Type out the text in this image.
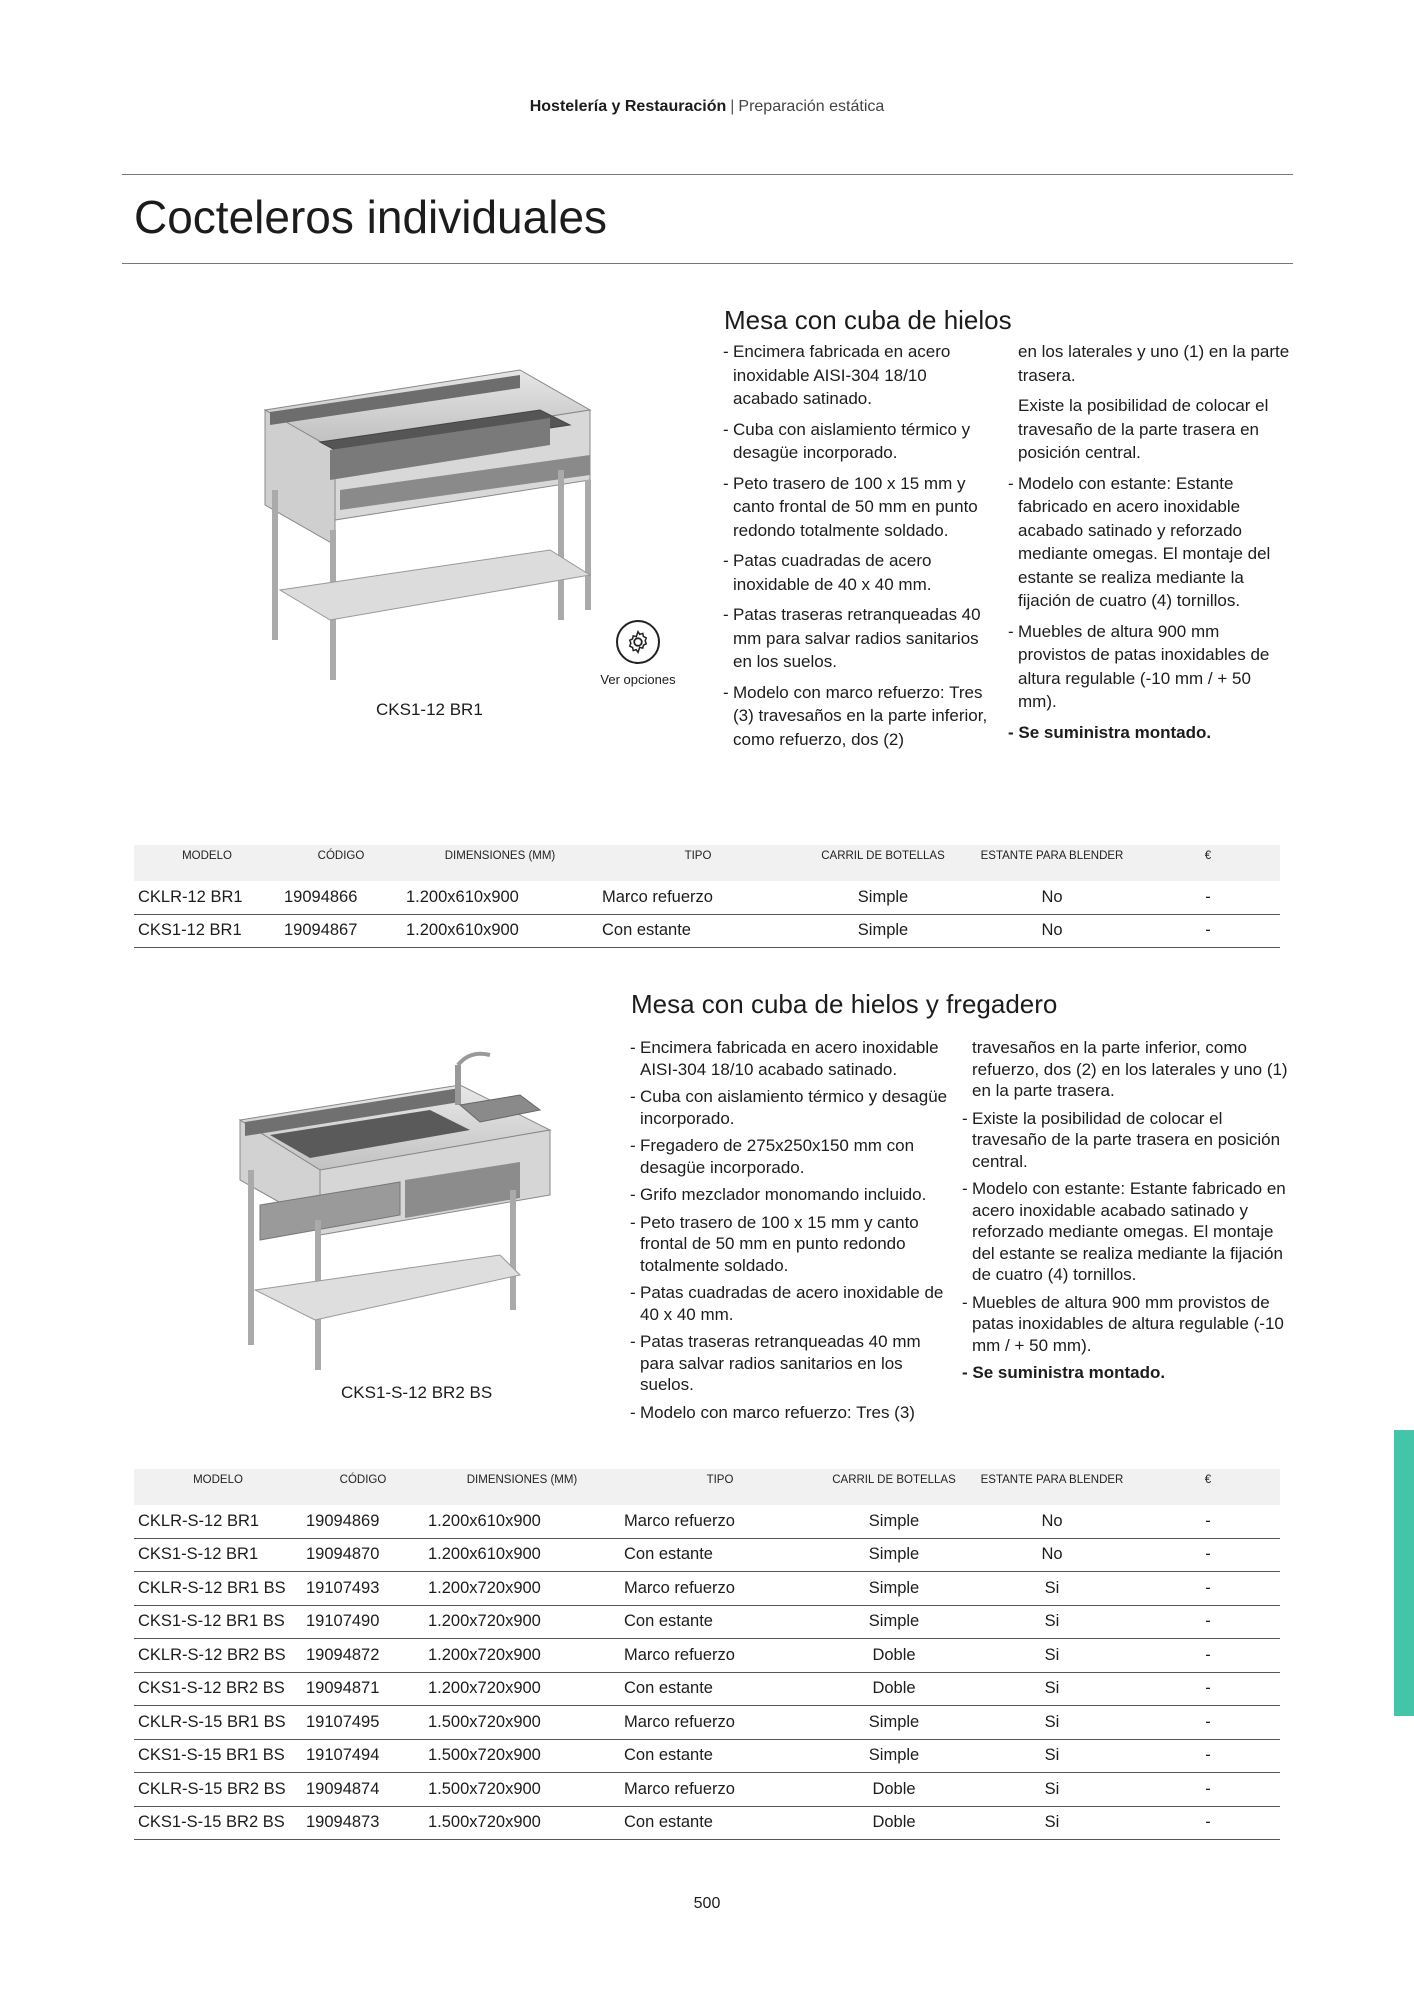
Hostelería y Restauración | Preparación estática
Cocteleros individuales
CKS1-12 BR1
Ver opciones
Mesa con cuba de hielos
- Encimera fabricada en acero inoxidable AISI-304 18/10 acabado satinado.
- Cuba con aislamiento térmico y desagüe incorporado.
- Peto trasero de 100 x 15 mm y canto frontal de 50 mm en punto redondo totalmente soldado.
- Patas cuadradas de acero inoxidable de 40 x 40 mm.
- Patas traseras retranqueadas 40 mm para salvar radios sanitarios en los suelos.
- Modelo con marco refuerzo: Tres (3) travesaños en la parte inferior, como refuerzo, dos (2)
en los laterales y uno (1) en la parte trasera.
Existe la posibilidad de colocar el travesaño de la parte trasera en posición central.
- Modelo con estante: Estante fabricado en acero inoxidable acabado satinado y reforzado mediante omegas. El montaje del estante se realiza mediante la fijación de cuatro (4) tornillos.
- Muebles de altura 900 mm provistos de patas inoxidables de altura regulable (-10 mm / + 50 mm).
- Se suministra montado.
MODELO	CÓDIGO	DIMENSIONES (MM)	TIPO	CARRIL DE BOTELLAS	ESTANTE PARA BLENDER	€
CKLR-12 BR1	19094866	1.200x610x900	Marco refuerzo	Simple	No	-
CKS1-12 BR1	19094867	1.200x610x900	Con estante	Simple	No	-
CKS1-S-12 BR2 BS
Mesa con cuba de hielos y fregadero
- Encimera fabricada en acero inoxidable AISI-304 18/10 acabado satinado.
- Cuba con aislamiento térmico y desagüe incorporado.
- Fregadero de 275x250x150 mm con desagüe incorporado.
- Grifo mezclador monomando incluido.
- Peto trasero de 100 x 15 mm y canto frontal de 50 mm en punto redondo totalmente soldado.
- Patas cuadradas de acero inoxidable de 40 x 40 mm.
- Patas traseras retranqueadas 40 mm para salvar radios sanitarios en los suelos.
- Modelo con marco refuerzo: Tres (3)
travesaños en la parte inferior, como refuerzo, dos (2) en los laterales y uno (1) en la parte trasera.
- Existe la posibilidad de colocar el travesaño de la parte trasera en posición central.
- Modelo con estante: Estante fabricado en acero inoxidable acabado satinado y reforzado mediante omegas. El montaje del estante se realiza mediante la fijación de cuatro (4) tornillos.
- Muebles de altura 900 mm provistos de patas inoxidables de altura regulable (-10 mm / + 50 mm).
- Se suministra montado.
MODELO	CÓDIGO	DIMENSIONES (MM)	TIPO	CARRIL DE BOTELLAS	ESTANTE PARA BLENDER	€
CKLR-S-12 BR1	19094869	1.200x610x900	Marco refuerzo	Simple	No	-
CKS1-S-12 BR1	19094870	1.200x610x900	Con estante	Simple	No	-
CKLR-S-12 BR1 BS	19107493	1.200x720x900	Marco refuerzo	Simple	Si	-
CKS1-S-12 BR1 BS	19107490	1.200x720x900	Con estante	Simple	Si	-
CKLR-S-12 BR2 BS	19094872	1.200x720x900	Marco refuerzo	Doble	Si	-
CKS1-S-12 BR2 BS	19094871	1.200x720x900	Con estante	Doble	Si	-
CKLR-S-15 BR1 BS	19107495	1.500x720x900	Marco refuerzo	Simple	Si	-
CKS1-S-15 BR1 BS	19107494	1.500x720x900	Con estante	Simple	Si	-
CKLR-S-15 BR2 BS	19094874	1.500x720x900	Marco refuerzo	Doble	Si	-
CKS1-S-15 BR2 BS	19094873	1.500x720x900	Con estante	Doble	Si	-
500
